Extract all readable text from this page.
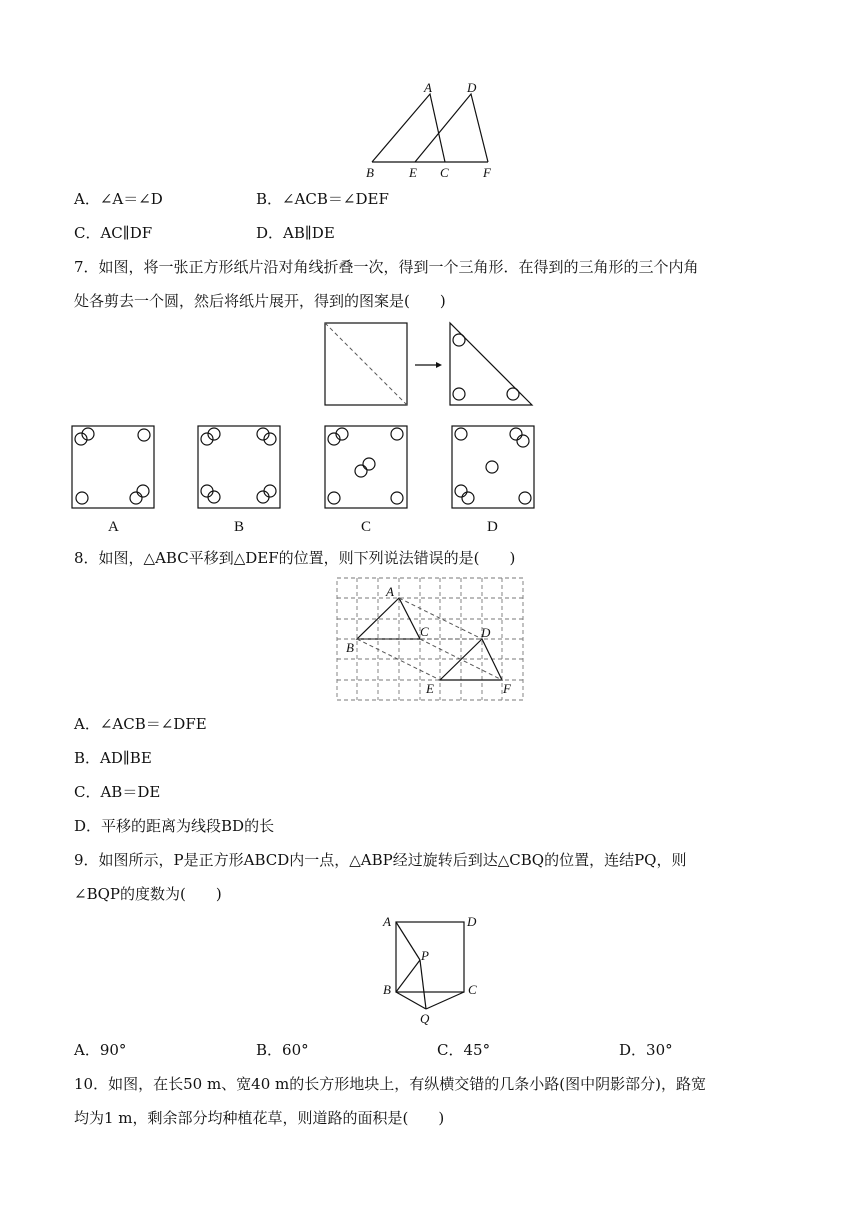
A	D
B	E C	F
A．∠A＝∠D	B．∠ACB＝∠DEF
C．AC∥DF	D．AB∥DE
7．如图，将一张正方形纸片沿对角线折叠一次，得到一个三角形．在得到的三角形的三个内角
处各剪去一个圆，然后将纸片展开，得到的图案是(　　)
A	B	C	D
8．如图，△ABC平移到△DEF的位置，则下列说法错误的是(　　)
A
B
C	D
E	F
A．∠ACB＝∠DFE
B．AD∥BE
C．AB＝DE
D．平移的距离为线段BD的长
9．如图所示，P是正方形ABCD内一点，△ABP经过旋转后到达△CBQ的位置，连结PQ，则
∠BQP的度数为(　　)
A	D
P
B	C
Q
A．90°	B．60°	C．45°	D．30°
10．如图，在长50 m、宽40 m的长方形地块上，有纵横交错的几条小路(图中阴影部分)，路宽
均为1 m，剩余部分均种植花草，则道路的面积是(　　)
